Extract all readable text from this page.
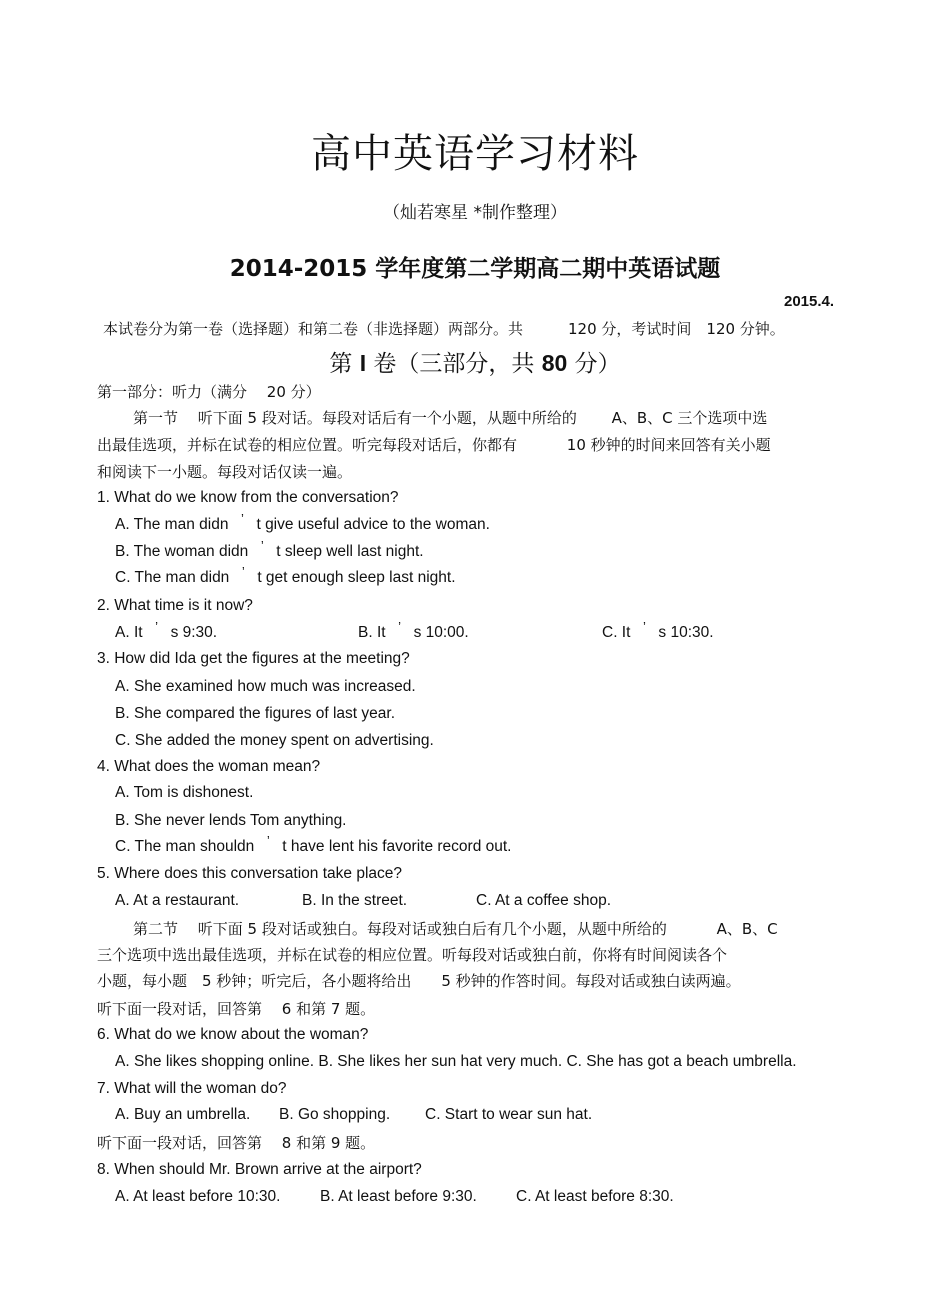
高中英语学习材料
（灿若寒星 *制作整理）
2014-2015 学年度第二学期高二期中英语试题
2015.4.
本试卷分为第一卷（选择题）和第二卷（非选择题）两部分。共　　　120 分，考试时间　120 分钟。
第 I 卷（三部分，共 80 分）
第一部分：听力（满分　 20 分）
第一节　 听下面 5 段对话。每段对话后有一个小题，从题中所给的　　 A、B、C 三个选项中选
出最佳选项，并标在试卷的相应位置。听完每段对话后，你都有　　　 10 秒钟的时间来回答有关小题
和阅读下一小题。每段对话仅读一遍。
1. What do we know from the conversation?
A. The man didn ’ t give useful advice to the woman.
B. The woman didn ’ t sleep well last night.
C. The man didn ’ t get enough sleep last night.
2. What time is it now?
A. It ’ s 9:30.	B. It ’ s 10:00.	C. It ’ s 10:30.
3. How did Ida get the figures at the meeting?
A. She examined how much was increased.
B. She compared the figures of last year.
C. She added the money spent on advertising.
4. What does the woman mean?
A. Tom is dishonest.
B. She never lends Tom anything.
C. The man shouldn ’ t have lent his favorite record out.
5. Where does this conversation take place?
A. At a restaurant.	B. In the street.	C. At a coffee shop.
第二节　 听下面 5 段对话或独白。每段对话或独白后有几个小题，从题中所给的　　　 A、B、C
三个选项中选出最佳选项，并标在试卷的相应位置。听每段对话或独白前，你将有时间阅读各个
小题，每小题　5 秒钟；听完后，各小题将给出　　5 秒钟的作答时间。每段对话或独白读两遍。
听下面一段对话，回答第　 6 和第 7 题。
6. What do we know about the woman?
A. She likes shopping online. B. She likes her sun hat very much. C. She has got a beach umbrella.
7. What will the woman do?
A. Buy an umbrella. B. Go shopping. C. Start to wear sun hat.
听下面一段对话，回答第　 8 和第 9 题。
8. When should Mr. Brown arrive at the airport?
A. At least before 10:30.	B. At least before 9:30.	C. At least before 8:30.
